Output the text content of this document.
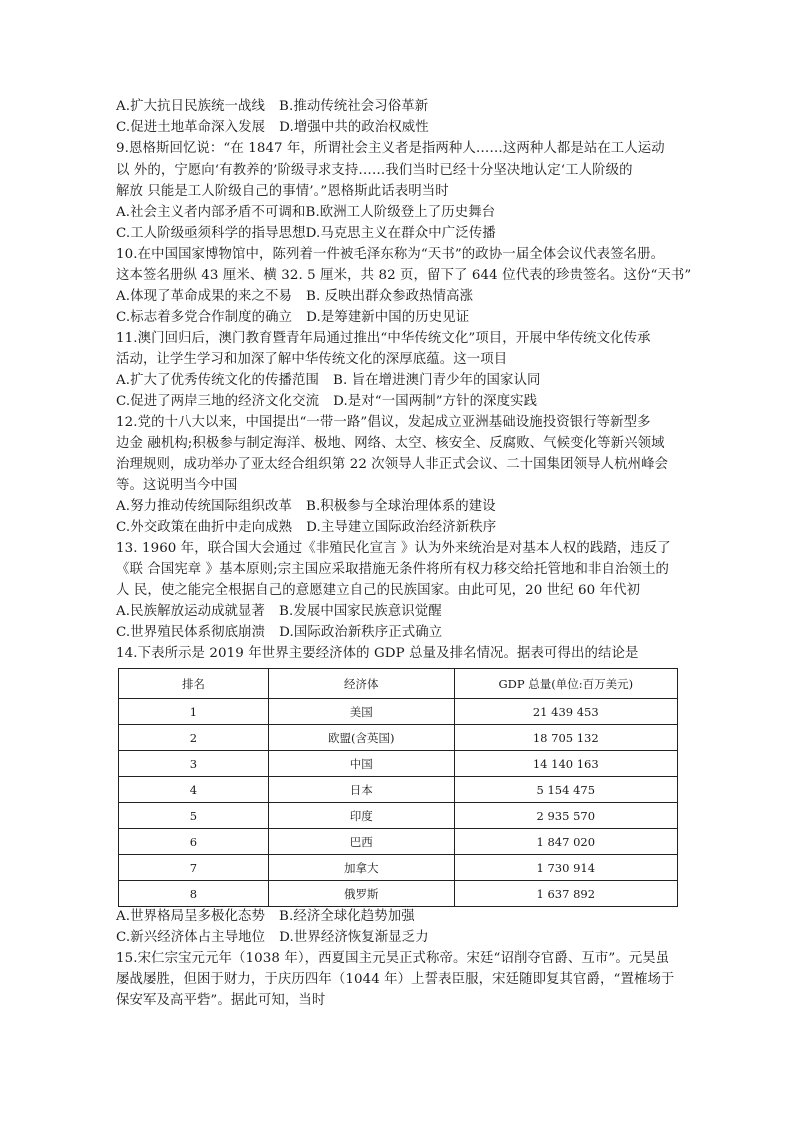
A.扩大抗日民族统一战线 B.推动传统社会习俗革新
C.促进土地革命深入发展 D.增强中共的政治权威性
9.恩格斯回忆说：“在 1847 年，所谓社会主义者是指两种人……这两种人都是站在工人运动
以 外的，宁愿向‘有教养的’阶级寻求支持……我们当时已经十分坚决地认定‘工人阶级的
解放 只能是工人阶级自己的事情’。”恩格斯此话表明当时
A.社会主义者内部矛盾不可调和B.欧洲工人阶级登上了历史舞台
C.工人阶级亟须科学的指导思想D.马克思主义在群众中广泛传播
10.在中国国家博物馆中，陈列着一件被毛泽东称为“天书”的政协一届全体会议代表签名册。
这本签名册纵 43 厘米、横 32. 5 厘米，共 82 页，留下了 644 位代表的珍贵签名。这份“天书”
A.体现了革命成果的来之不易 B. 反映出群众参政热情高涨
C.标志着多党合作制度的确立 D.是筹建新中国的历史见证
11.澳门回归后，澳门教育暨青年局通过推出“中华传统文化”项目，开展中华传统文化传承
活动，让学生学习和加深了解中华传统文化的深厚底蕴。这一项目
A.扩大了优秀传统文化的传播范围 B. 旨在增进澳门青少年的国家认同
C.促进了两岸三地的经济文化交流 D.是对“一国两制”方针的深度实践
12.党的十八大以来，中国提出“一带一路”倡议，发起成立亚洲基础设施投资银行等新型多
边金 融机构;积极参与制定海洋、极地、网络、太空、核安全、反腐败、气候变化等新兴领域
治理规则，成功举办了亚太经合组织第 22 次领导人非正式会议、二十国集团领导人杭州峰会
等。这说明当今中国
A.努力推动传统国际组织改革 B.积极参与全球治理体系的建设
C.外交政策在曲折中走向成熟 D.主导建立国际政治经济新秩序
13. 1960 年，联合国大会通过《非殖民化宣言 》认为外来统治是对基本人权的践踏，违反了
《联 合国宪章 》基本原则;宗主国应采取措施无条件将所有权力移交给托管地和非自治领土的
人 民，使之能完全根据自己的意愿建立自己的民族国家。由此可见，20 世纪 60 年代初
A.民族解放运动成就显著 B.发展中国家民族意识觉醒
C.世界殖民体系彻底崩溃 D.国际政治新秩序正式确立
14.下表所示是 2019 年世界主要经济体的 GDP 总量及排名情况。据表可得出的结论是
排名	经济体	GDP 总量(单位:百万美元)
1	美国	21 439 453
2	欧盟(含英国)	18 705 132
3	中国	14 140 163
4	日本	5 154 475
5	印度	2 935 570
6	巴西	1 847 020
7	加拿大	1 730 914
8	俄罗斯	1 637 892
A.世界格局呈多极化态势 B.经济全球化趋势加强
C.新兴经济体占主导地位 D.世界经济恢复渐显乏力
15.宋仁宗宝元元年（1038 年），西夏国主元昊正式称帝。宋廷“诏削夺官爵、互市”。元昊虽
屡战屡胜，但困于财力，于庆历四年（1044 年）上誓表臣服，宋廷随即复其官爵，“置榷场于
保安军及高平砦”。据此可知，当时
